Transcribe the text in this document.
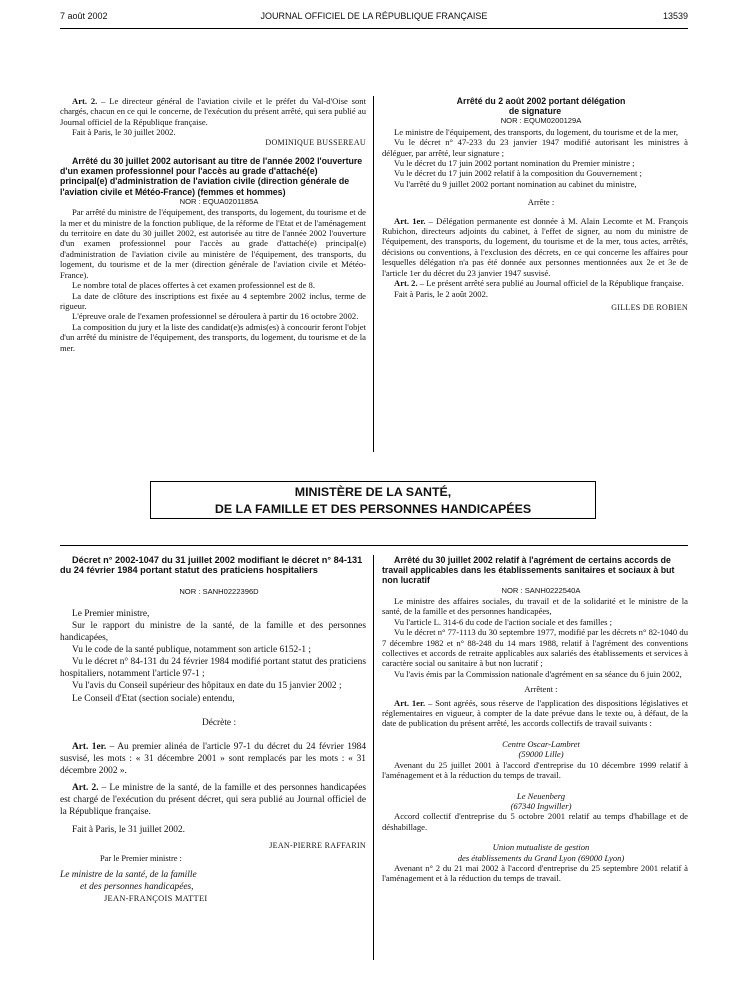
7 août 2002	JOURNAL OFFICIEL DE LA RÉPUBLIQUE FRANÇAISE	13539

Art. 2. – Le directeur général de l'aviation civile et le préfet du Val-d'Oise sont chargés, chacun en ce qui le concerne, de l'exécution du présent arrêté, qui sera publié au Journal officiel de la République française.

Fait à Paris, le 30 juillet 2002.

DOMINIQUE BUSSEREAU

Arrêté du 30 juillet 2002 autorisant au titre de l'année 2002 l'ouverture d'un examen professionnel pour l'accès au grade d'attaché(e) principal(e) d'administration de l'aviation civile (direction générale de l'aviation civile et Météo-France) (femmes et hommes)

NOR : EQUA0201185A

Par arrêté du ministre de l'équipement, des transports, du logement, du tourisme et de la mer et du ministre de la fonction publique, de la réforme de l'Etat et de l'aménagement du territoire en date du 30 juillet 2002, est autorisée au titre de l'année 2002 l'ouverture d'un examen professionnel pour l'accès au grade d'attaché(e) principal(e) d'administration de l'aviation civile au ministère de l'équipement, des transports, du logement, du tourisme et de la mer (direction générale de l'aviation civile et Météo-France).

Le nombre total de places offertes à cet examen professionnel est de 8.

La date de clôture des inscriptions est fixée au 4 septembre 2002 inclus, terme de rigueur.

L'épreuve orale de l'examen professionnel se déroulera à partir du 16 octobre 2002.

La composition du jury et la liste des candidat(e)s admis(es) à concourir feront l'objet d'un arrêté du ministre de l'équipement, des transports, du logement, du tourisme et de la mer.

Arrêté du 2 août 2002 portant délégation de signature

NOR : EQUM0200129A

Le ministre de l'équipement, des transports, du logement, du tourisme et de la mer,

Vu le décret n° 47-233 du 23 janvier 1947 modifié autorisant les ministres à déléguer, par arrêté, leur signature ;

Vu le décret du 17 juin 2002 portant nomination du Premier ministre ;

Vu le décret du 17 juin 2002 relatif à la composition du Gouvernement ;

Vu l'arrêté du 9 juillet 2002 portant nomination au cabinet du ministre,

Arrête :

Art. 1er. – Délégation permanente est donnée à M. Alain Lecomte et M. François Rubichon, directeurs adjoints du cabinet, à l'effet de signer, au nom du ministre de l'équipement, des transports, du logement, du tourisme et de la mer, tous actes, arrêtés, décisions ou conventions, à l'exclusion des décrets, en ce qui concerne les affaires pour lesquelles délégation n'a pas été donnée aux personnes mentionnées aux 2e et 3e de l'article 1er du décret du 23 janvier 1947 susvisé.

Art. 2. – Le présent arrêté sera publié au Journal officiel de la République française.

Fait à Paris, le 2 août 2002.

GILLES DE ROBIEN

MINISTÈRE DE LA SANTÉ,
DE LA FAMILLE ET DES PERSONNES HANDICAPÉES

Décret n° 2002-1047 du 31 juillet 2002 modifiant le décret n° 84-131 du 24 février 1984 portant statut des praticiens hospitaliers

NOR : SANH0222396D

Le Premier ministre,

Sur le rapport du ministre de la santé, de la famille et des personnes handicapées,

Vu le code de la santé publique, notamment son article 6152-1 ;

Vu le décret n° 84-131 du 24 février 1984 modifié portant statut des praticiens hospitaliers, notamment l'article 97-1 ;

Vu l'avis du Conseil supérieur des hôpitaux en date du 15 janvier 2002 ;

Le Conseil d'Etat (section sociale) entendu,

Décrète :

Art. 1er. – Au premier alinéa de l'article 97-1 du décret du 24 février 1984 susvisé, les mots : « 31 décembre 2001 » sont remplacés par les mots : « 31 décembre 2002 ».

Art. 2. – Le ministre de la santé, de la famille et des personnes handicapées est chargé de l'exécution du présent décret, qui sera publié au Journal officiel de la République française.

Fait à Paris, le 31 juillet 2002.

JEAN-PIERRE RAFFARIN

Par le Premier ministre :

Le ministre de la santé, de la famille

et des personnes handicapées,

JEAN-FRANÇOIS MATTEI

Arrêté du 30 juillet 2002 relatif à l'agrément de certains accords de travail applicables dans les établissements sanitaires et sociaux à but non lucratif

NOR : SANH0222540A

Le ministre des affaires sociales, du travail et de la solidarité et le ministre de la santé, de la famille et des personnes handicapées,

Vu l'article L. 314-6 du code de l'action sociale et des familles ;

Vu le décret n° 77-1113 du 30 septembre 1977, modifié par les décrets n° 82-1040 du 7 décembre 1982 et n° 88-248 du 14 mars 1988, relatif à l'agrément des conventions collectives et accords de retraite applicables aux salariés des établissements et services à caractère social ou sanitaire à but non lucratif ;

Vu l'avis émis par la Commission nationale d'agrément en sa séance du 6 juin 2002,

Arrêtent :

Art. 1er. – Sont agréés, sous réserve de l'application des dispositions législatives et réglementaires en vigueur, à compter de la date prévue dans le texte ou, à défaut, de la date de publication du présent arrêté, les accords collectifs de travail suivants :

Centre Oscar-Lambret

(59000 Lille)

Avenant du 25 juillet 2001 à l'accord d'entreprise du 10 décembre 1999 relatif à l'aménagement et à la réduction du temps de travail.

Le Neuenberg

(67340 Ingwiller)

Accord collectif d'entreprise du 5 octobre 2001 relatif au temps d'habillage et de déshabillage.

Union mutualiste de gestion

des établissements du Grand Lyon (69000 Lyon)

Avenant n° 2 du 21 mai 2002 à l'accord d'entreprise du 25 septembre 2001 relatif à l'aménagement et à la réduction du temps de travail.
